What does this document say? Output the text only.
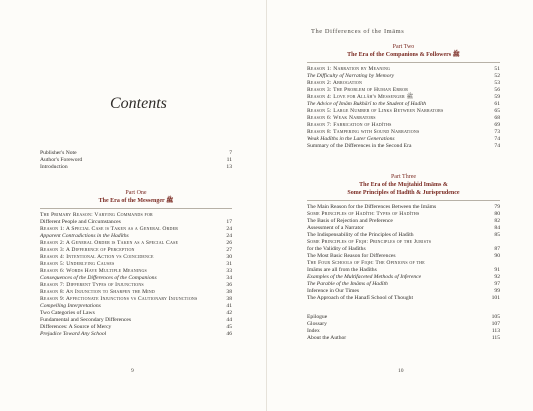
Contents
Publisher's Note	7
Author's Foreword	11
Introduction	13
Part One
The Era of the Messenger ﷺ
The Primary Reason: Varying Commands for
Different People and Circumstances	17
Reason 1: A Special Case is Taken as a General Order	24
Apparent Contradictions in the Hadīths	24
Reason 2: A General Order is Taken as a Special Case	26
Reason 3: A Difference of Perception	27
Reason 4: Intentional Action vs Coincidence	30
Reason 5: Underlying Causes	31
Reason 6: Words Have Multiple Meanings	33
Consequences of the Differences of the Companions	34
Reason 7: Different Types of Injunctions	36
Reason 8: An Injunction to Sharpen the Mind	38
Reason 9: Affectionate Injunctions vs Cautionary Injunctions	38
Compelling Interpretations	41
Two Categories of Laws	42
Fundamental and Secondary Differences	44
Differences: A Source of Mercy	45
Prejudice Toward Any School	46
9
The Differences of the Imāms
Part Two
The Era of the Companions & Followers ﷺ
Reason 1: Narration by Meaning	51
The Difficulty of Narrating by Memory	52
Reason 2: Abrogation	53
Reason 3: The Problem of Human Error	56
Reason 4: Love for Allāh's Messenger ﷺ	59
The Advice of Imām Bukhārī to the Student of Hadīth	61
Reason 5: Large Number of Links Between Narrators	65
Reason 6: Weak Narrators	68
Reason 7: Fabrication of Hadīths	69
Reason 8: Tampering with Sound Narrations	73
Weak Hadīths in the Later Generations	74
Summary of the Differences in the Second Era	74
Part Three
The Era of the Mujtahid Imāms &
Some Principles of Hadīth & Jurisprudence
The Main Reason for the Differences Between the Imāms	79
Some Principles of Hadīth: Types of Hadīths	80
The Basis of Rejection and Preference	82
Assessment of a Narrator	84
The Indispensability of the Principles of Hadīth	85
Some Principles of Fiqh: Principles of the Jurists
for the Validity of Hadīths	87
The Most Basic Reason for Differences	90
The Four Schools of Fiqh: The Opinions of the
Imāms are all from the Hadīths	91
Examples of the Multifaceted Methods of Inference	92
The Parable of the Imāms of Hadīth	97
Inference in Our Times	99
The Approach of the Hanafī School of Thought	101
Epilogue	105
Glossary	107
Index	113
About the Author	115
10
